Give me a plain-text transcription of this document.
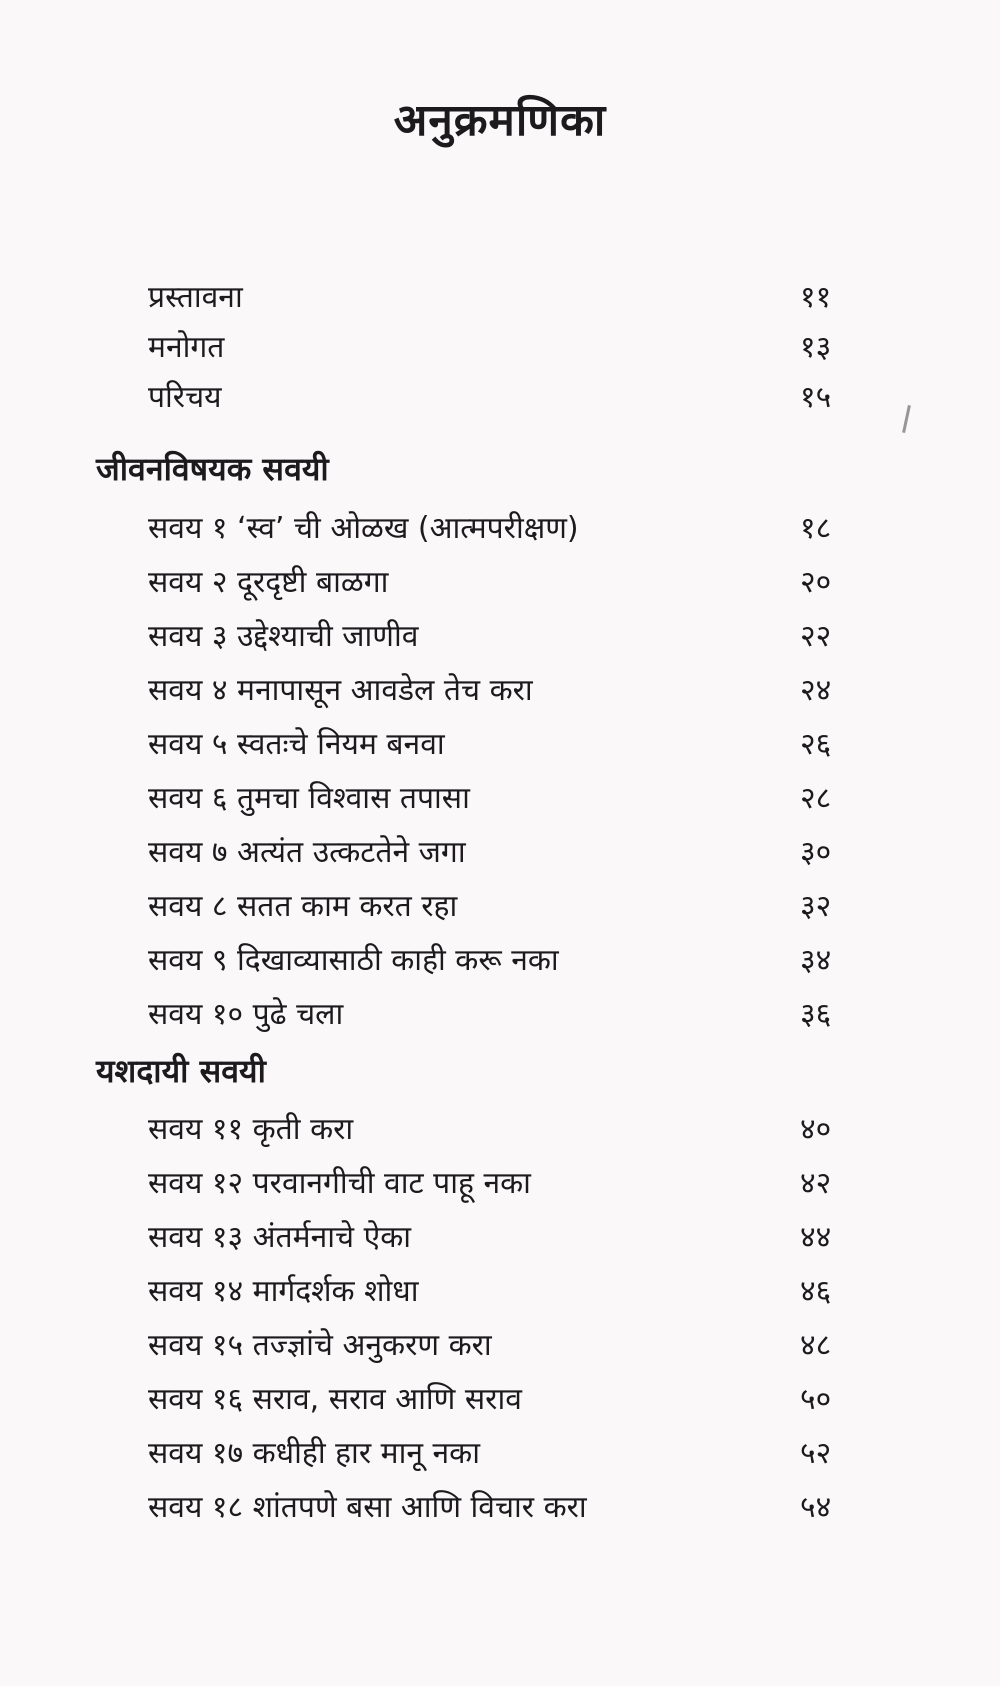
अनुक्रमणिका
प्रस्तावना	११
मनोगत	१३
परिचय	१५
जीवनविषयक सवयी
सवय १ ‘स्व’ ची ओळख (आत्मपरीक्षण)	१८
सवय २ दूरदृष्टी बाळगा	२०
सवय ३ उद्देश्याची जाणीव	२२
सवय ४ मनापासून आवडेल तेच करा	२४
सवय ५ स्वतःचे नियम बनवा	२६
सवय ६ तुमचा विश्वास तपासा	२८
सवय ७ अत्यंत उत्कटतेने जगा	३०
सवय ८ सतत काम करत रहा	३२
सवय ९ दिखाव्यासाठी काही करू नका	३४
सवय १० पुढे चला	३६
यशदायी सवयी
सवय ११ कृती करा	४०
सवय १२ परवानगीची वाट पाहू नका	४२
सवय १३ अंतर्मनाचे ऐका	४४
सवय १४ मार्गदर्शक शोधा	४६
सवय १५ तज्ज्ञांचे अनुकरण करा	४८
सवय १६ सराव, सराव आणि सराव	५०
सवय १७ कधीही हार मानू नका	५२
सवय १८ शांतपणे बसा आणि विचार करा	५४
